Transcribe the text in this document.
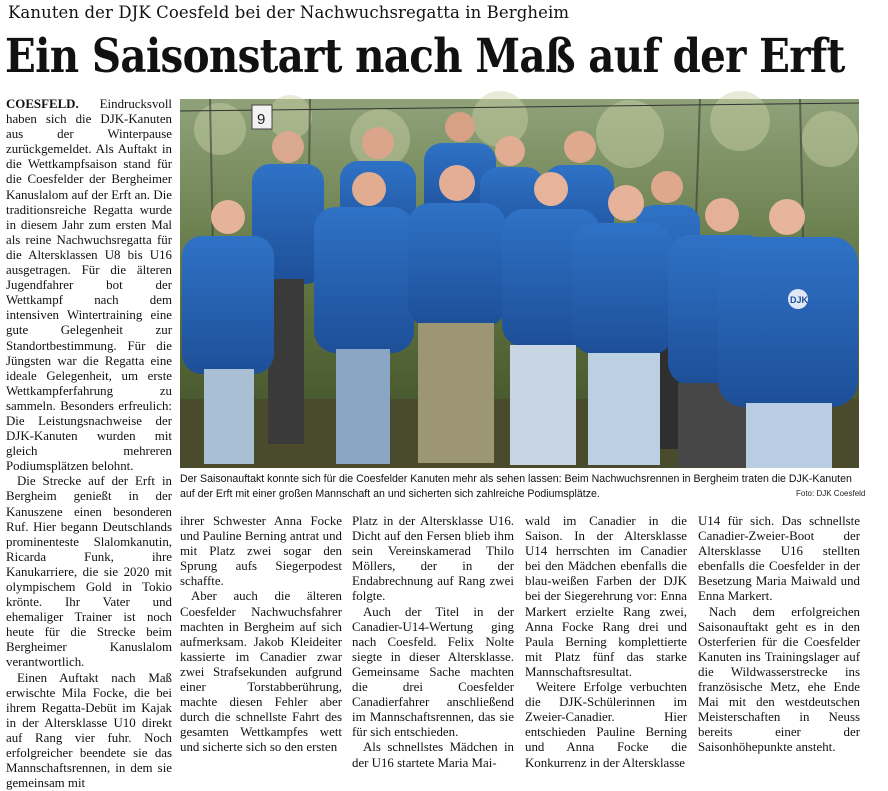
Kanuten der DJK Coesfeld bei der Nachwuchsregatta in Bergheim
Ein Saisonstart nach Maß auf der Erft

COESFELD. Eindrucksvoll haben sich die DJK-Kanuten aus der Winterpause zurückgemeldet. Als Auftakt in die Wettkampfsaison stand für die Coesfelder der Bergheimer Kanuslalom auf der Erft an. Die traditionsreiche Regatta wurde in diesem Jahr zum ersten Mal als reine Nachwuchsregatta für die Altersklassen U8 bis U16 ausgetragen. Für die älteren Jugendfahrer bot der Wettkampf nach dem intensiven Wintertraining eine gute Gelegenheit zur Standortbestimmung. Für die Jüngsten war die Regatta eine ideale Gelegenheit, um erste Wettkampferfahrung zu sammeln. Besonders erfreulich: Die Leistungsnachweise der DJK-Kanuten wurden mit gleich mehreren Podiumsplätzen belohnt.

Die Strecke auf der Erft in Bergheim genießt in der Kanuszene einen besonderen Ruf. Hier begann Deutschlands prominenteste Slalomkanutin, Ricarda Funk, ihre Kanukarriere, die sie 2020 mit olympischem Gold in Tokio krönte. Ihr Vater und ehemaliger Trainer ist noch heute für die Strecke beim Bergheimer Kanuslalom verantwortlich.

Einen Auftakt nach Maß erwischte Mila Focke, die bei ihrem Regatta-Debüt im Kajak in der Altersklasse U10 direkt auf Rang vier fuhr. Noch erfolgreicher beendete sie das Mannschaftsrennen, in dem sie gemeinsam mit

9
DJK
Der Saisonauftakt konnte sich für die Coesfelder Kanuten mehr als sehen lassen: Beim Nachwuchsrennen in Bergheim traten die DJK-Kanuten auf der Erft mit einer großen Mannschaft an und sicherten sich zahlreiche Podiumsplätze.	Foto: DJK Coesfeld

ihrer Schwester Anna Focke und Pauline Berning antrat und mit Platz zwei sogar den Sprung aufs Siegerpodest schaffte.

Aber auch die älteren Coesfelder Nachwuchsfahrer machten in Bergheim auf sich aufmerksam. Jakob Kleideiter kassierte im Canadier zwar zwei Strafsekunden aufgrund einer Torstabberührung, machte diesen Fehler aber durch die schnellste Fahrt des gesamten Wettkampfes wett und sicherte sich so den ersten

Platz in der Altersklasse U16. Dicht auf den Fersen blieb ihm sein Vereinskamerad Thilo Möllers, der in der Endabrechnung auf Rang zwei folgte.

Auch der Titel in der Canadier-U14-Wertung ging nach Coesfeld. Felix Nolte siegte in dieser Altersklasse. Gemeinsame Sache machten die drei Coesfelder Canadierfahrer anschließend im Mannschaftsrennen, das sie für sich entschieden.

Als schnellstes Mädchen in der U16 startete Maria Mai-

wald im Canadier in die Saison. In der Altersklasse U14 herrschten im Canadier bei den Mädchen ebenfalls die blau-weißen Farben der DJK bei der Siegerehrung vor: Enna Markert erzielte Rang zwei, Anna Focke Rang drei und Paula Berning komplettierte mit Platz fünf das starke Mannschaftsresultat.

Weitere Erfolge verbuchten die DJK-Schülerinnen im Zweier-Canadier. Hier entschieden Pauline Berning und Anna Focke die Konkurrenz in der Altersklasse

U14 für sich. Das schnellste Canadier-Zweier-Boot der Altersklasse U16 stellten ebenfalls die Coesfelder in der Besetzung Maria Maiwald und Enna Markert.

Nach dem erfolgreichen Saisonauftakt geht es in den Osterferien für die Coesfelder Kanuten ins Trainingslager auf die Wildwasserstrecke ins französische Metz, ehe Ende Mai mit den westdeutschen Meisterschaften in Neuss bereits einer der Saisonhöhepunkte ansteht.
